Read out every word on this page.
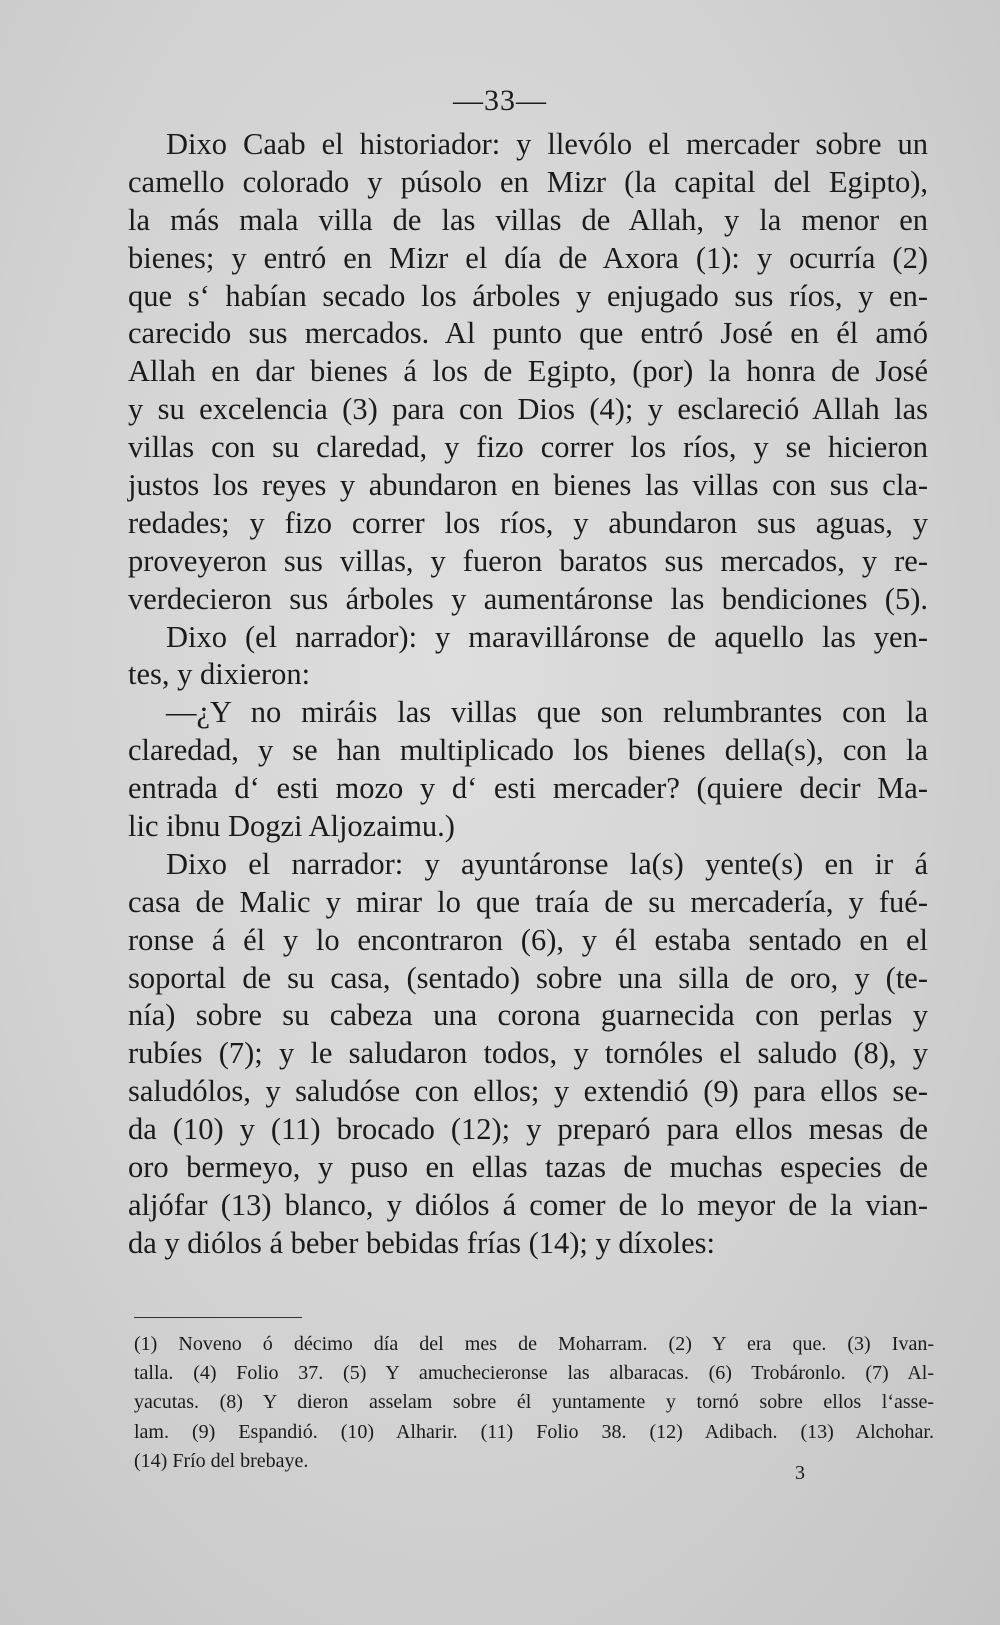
—33—
Dixo Caab el historiador: y llevólo el mercader sobre un
camello colorado y púsolo en Mizr (la capital del Egipto),
la más mala villa de las villas de Allah, y la menor en
bienes; y entró en Mizr el día de Axora (1): y ocurría (2)
que s‘ habían secado los árboles y enjugado sus ríos, y en-
carecido sus mercados. Al punto que entró José en él amó
Allah en dar bienes á los de Egipto, (por) la honra de José
y su excelencia (3) para con Dios (4); y esclareció Allah las
villas con su claredad, y fizo correr los ríos, y se hicieron
justos los reyes y abundaron en bienes las villas con sus cla-
redades; y fizo correr los ríos, y abundaron sus aguas, y
proveyeron sus villas, y fueron baratos sus mercados, y re-
verdecieron sus árboles y aumentáronse las bendiciones (5).
Dixo (el narrador): y maravilláronse de aquello las yen-
tes, y dixieron:
—¿Y no miráis las villas que son relumbrantes con la
claredad, y se han multiplicado los bienes della(s), con la
entrada d‘ esti mozo y d‘ esti mercader? (quiere decir Ma-
lic ibnu Dogzi Aljozaimu.)
Dixo el narrador: y ayuntáronse la(s) yente(s) en ir á
casa de Malic y mirar lo que traía de su mercadería, y fué-
ronse á él y lo encontraron (6), y él estaba sentado en el
soportal de su casa, (sentado) sobre una silla de oro, y (te-
nía) sobre su cabeza una corona guarnecida con perlas y
rubíes (7); y le saludaron todos, y tornóles el saludo (8), y
saludólos, y saludóse con ellos; y extendió (9) para ellos se-
da (10) y (11) brocado (12); y preparó para ellos mesas de
oro bermeyo, y puso en ellas tazas de muchas especies de
aljófar (13) blanco, y diólos á comer de lo meyor de la vian-
da y diólos á beber bebidas frías (14); y díxoles:
(1) Noveno ó décimo día del mes de Moharram. (2) Y era que. (3) Ivan-
talla. (4) Folio 37. (5) Y amuchecieronse las albaracas. (6) Trobáronlo. (7) Al-
yacutas. (8) Y dieron asselam sobre él yuntamente y tornó sobre ellos l‘asse-
lam. (9) Espandió. (10) Alharir. (11) Folio 38. (12) Adibach. (13) Alchohar.
(14) Frío del brebaye.
3
